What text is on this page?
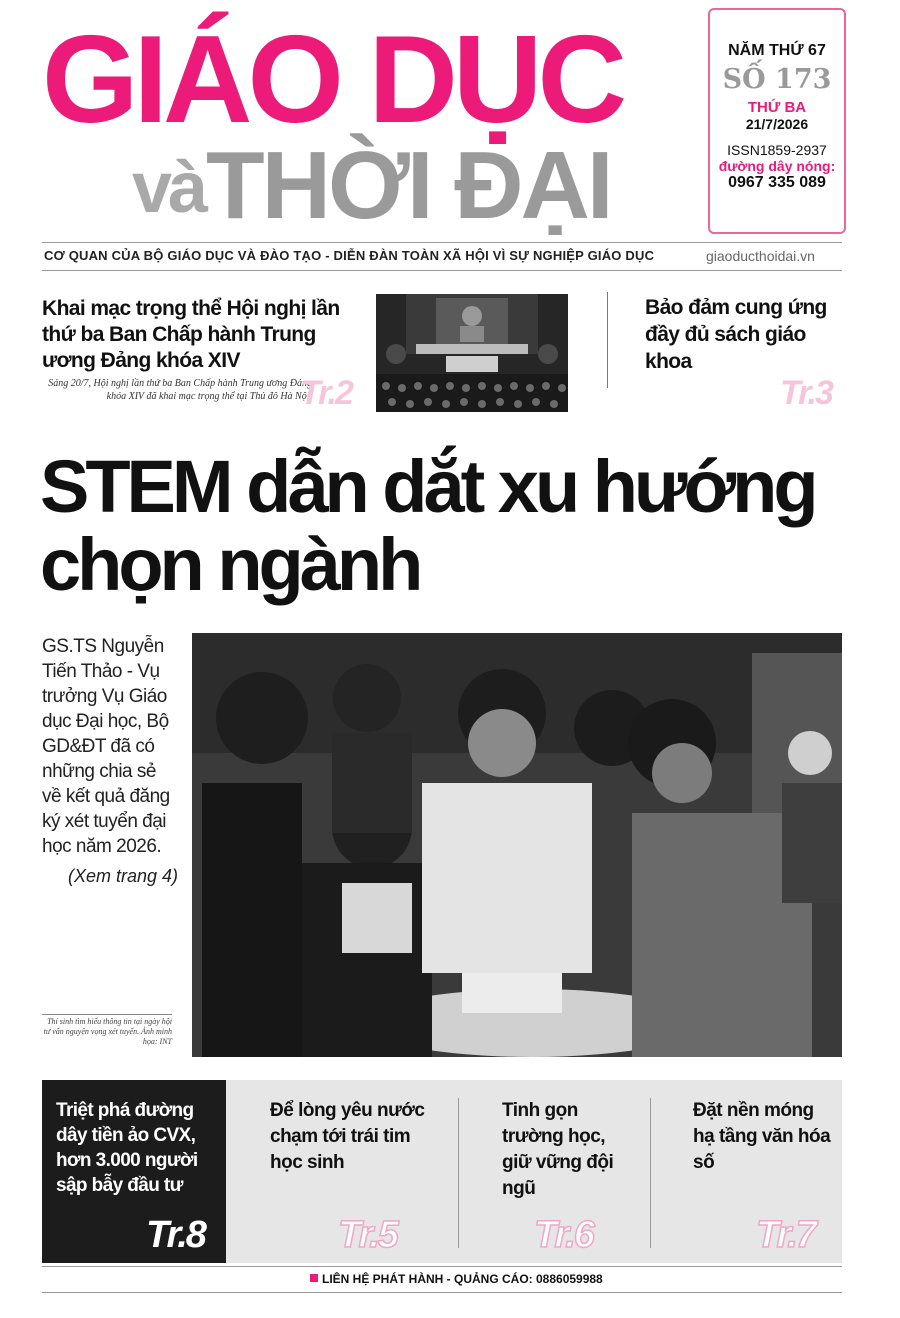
GIÁO DỤC
và THỜI ĐẠI
NĂM THỨ 67
SỐ 173
THỨ BA
21/7/2026
ISSN1859-2937
đường dây nóng:
0967 335 089
CƠ QUAN CỦA BỘ GIÁO DỤC VÀ ĐÀO TẠO - DIỄN ĐÀN TOÀN XÃ HỘI VÌ SỰ NGHIỆP GIÁO DỤC	giaoducthoidai.vn
Khai mạc trọng thể Hội nghị lần thứ ba Ban Chấp hành Trung ương Đảng khóa XIV
Sáng 20/7, Hội nghị lần thứ ba Ban Chấp hành Trung ương Đảng khóa XIV đã khai mạc trọng thể tại Thủ đô Hà Nội.
Tr.2
Bảo đảm cung ứng đầy đủ sách giáo khoa
Tr.3
STEM dẫn dắt xu hướng
chọn ngành
GS.TS Nguyễn Tiến Thảo - Vụ trưởng Vụ Giáo dục Đại học, Bộ GD&ĐT đã có những chia sẻ về kết quả đăng ký xét tuyển đại học năm 2026.
(Xem trang 4)
Thí sinh tìm hiểu thông tin tại ngày hội tư vấn nguyện vọng xét tuyển. Ảnh minh họa: INT
Triệt phá đường dây tiền ảo CVX, hơn 3.000 người sập bẫy đầu tư
Tr.8
Để lòng yêu nước chạm tới trái tim học sinh
Tr.5
Tinh gọn trường học, giữ vững đội ngũ
Tr.6
Đặt nền móng hạ tầng văn hóa số
Tr.7
LIÊN HỆ PHÁT HÀNH - QUẢNG CÁO: 0886059988
